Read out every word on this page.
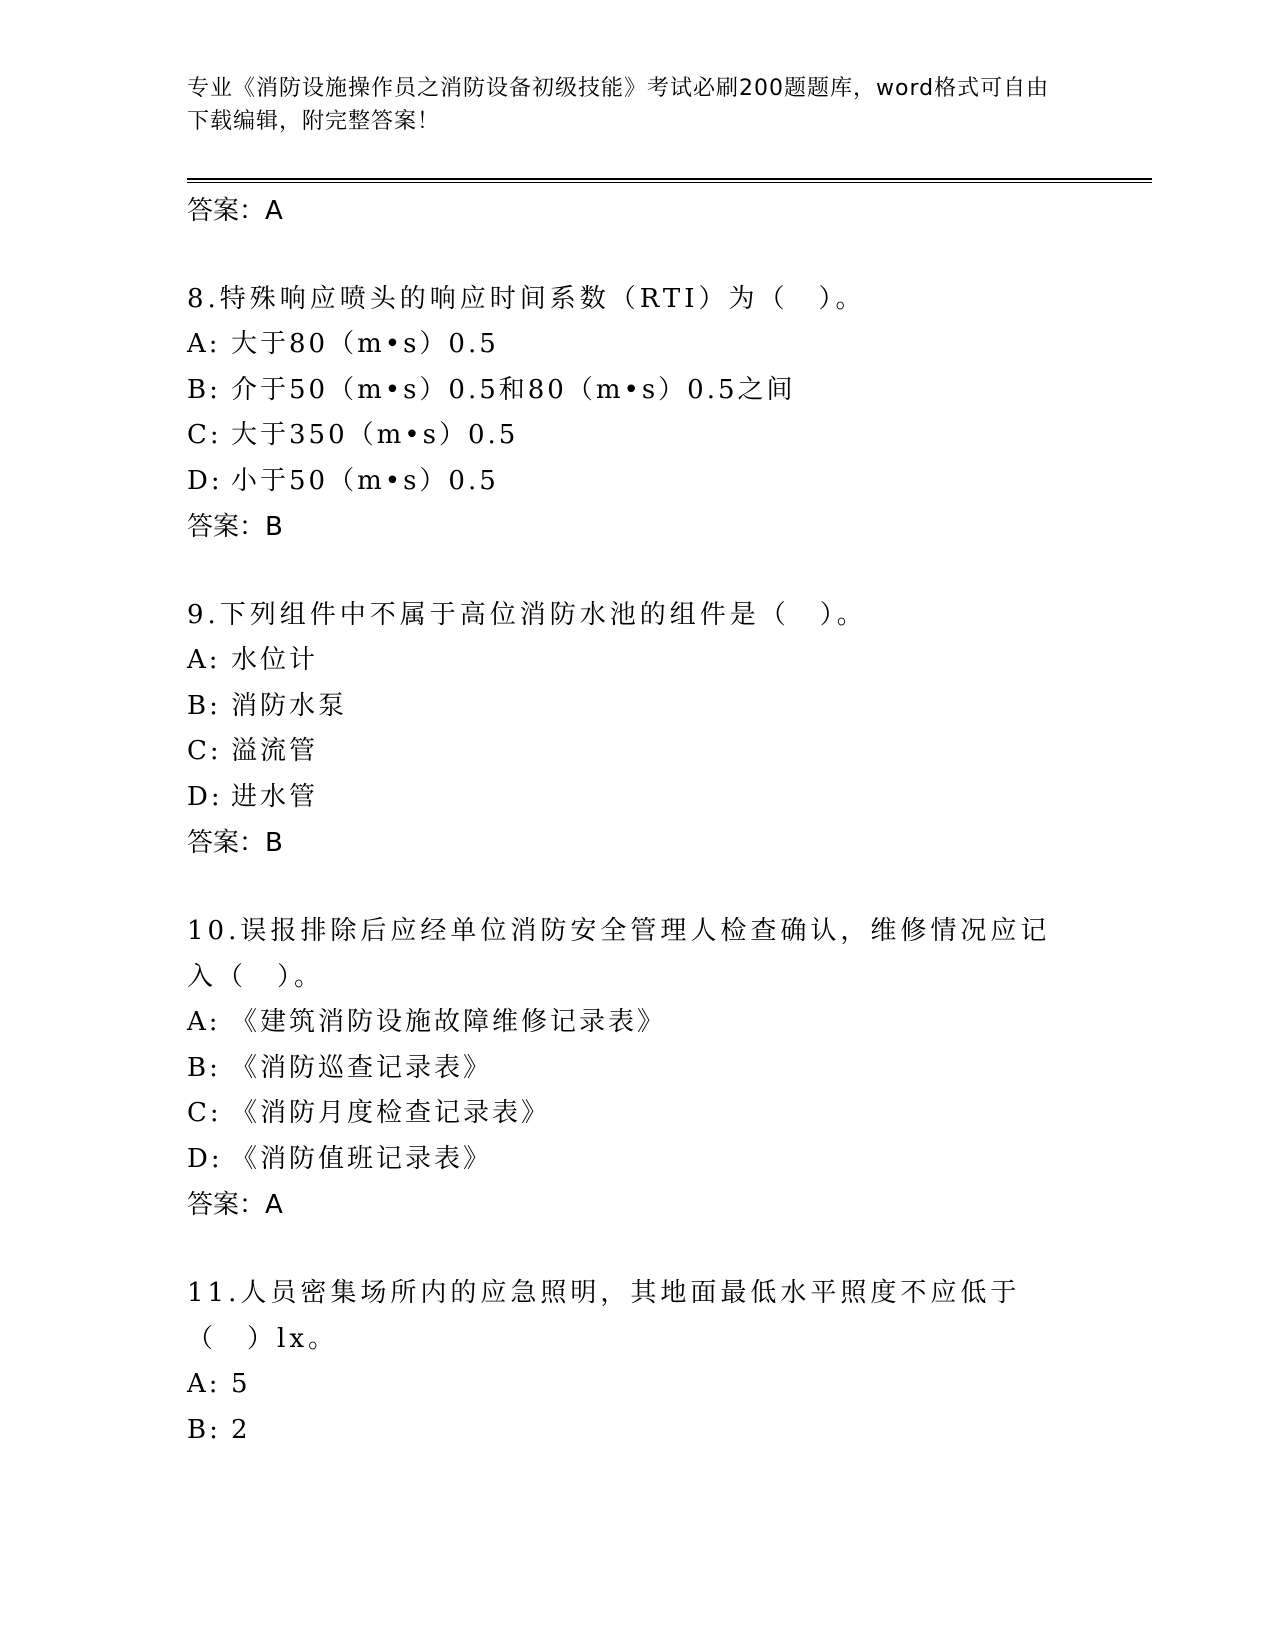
专业《消防设施操作员之消防设备初级技能》考试必刷200题题库，word格式可自由下载编辑，附完整答案！
答案：A
8.特殊响应喷头的响应时间系数（RTI）为（　）。
A: 大于80（m•s）0.5
B: 介于50（m•s）0.5和80（m•s）0.5之间
C: 大于350（m•s）0.5
D: 小于50（m•s）0.5
答案：B
9.下列组件中不属于高位消防水池的组件是（　）。
A: 水位计
B: 消防水泵
C: 溢流管
D: 进水管
答案：B
10.误报排除后应经单位消防安全管理人检查确认，维修情况应记入（　）。
A: 《建筑消防设施故障维修记录表》
B: 《消防巡查记录表》
C: 《消防月度检查记录表》
D: 《消防值班记录表》
答案：A
11.人员密集场所内的应急照明，其地面最低水平照度不应低于（　）lx。
A: 5
B: 2
